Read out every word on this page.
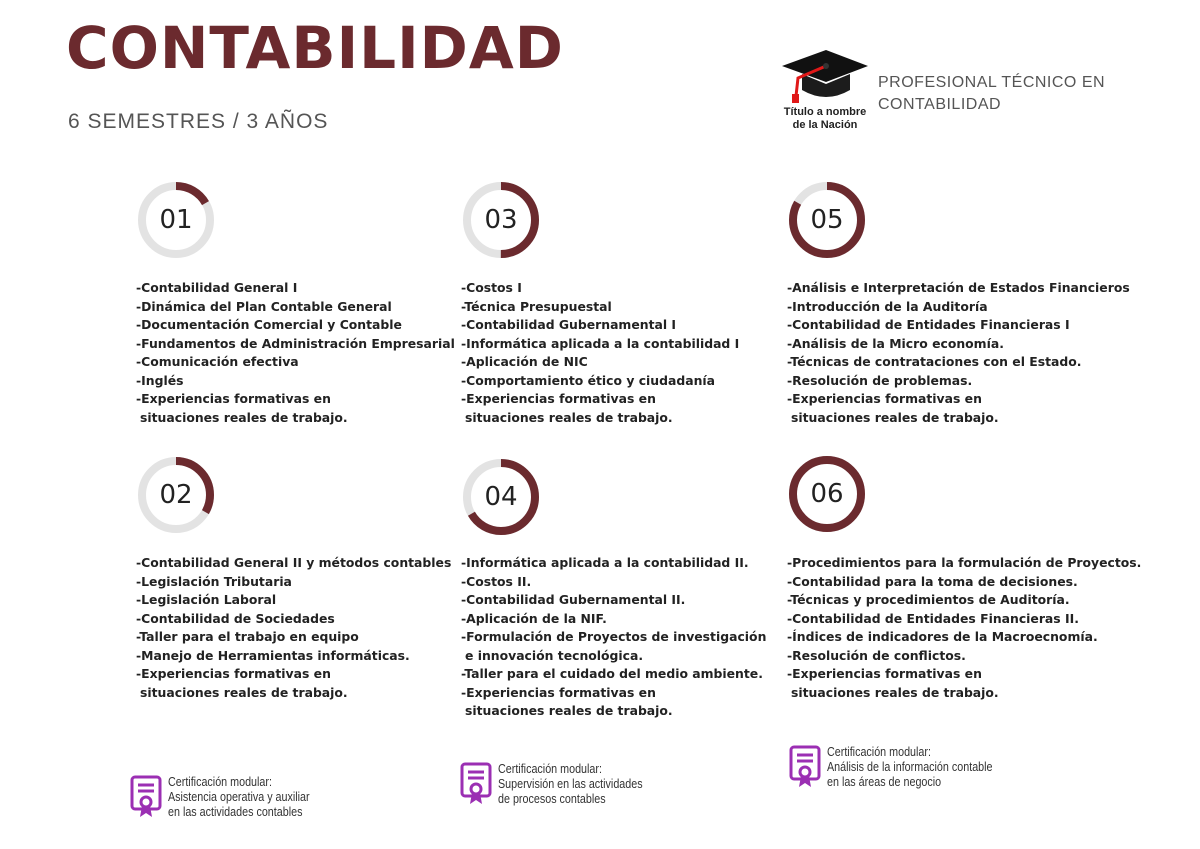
CONTABILIDAD
6 SEMESTRES / 3 AÑOS	Título a nombre
de la Nación
PROFESIONAL TÉCNICO EN
CONTABILIDAD
01
02
03
04
05
06
-Contabilidad General I
-Dinámica del Plan Contable General
-Documentación Comercial y Contable
-Fundamentos de Administración Empresarial
-Comunicación efectiva
-Inglés
-Experiencias formativas en
situaciones reales de trabajo.
-Contabilidad General II y métodos contables
-Legislación Tributaria
-Legislación Laboral
-Contabilidad de Sociedades
-Taller para el trabajo en equipo
-Manejo de Herramientas informáticas.
-Experiencias formativas en
situaciones reales de trabajo.
-Costos I
-Técnica Presupuestal
-Contabilidad Gubernamental I
-Informática aplicada a la contabilidad I
-Aplicación de NIC
-Comportamiento ético y ciudadanía
-Experiencias formativas en
situaciones reales de trabajo.
-Informática aplicada a la contabilidad II.
-Costos II.
-Contabilidad Gubernamental II.
-Aplicación de la NIF.
-Formulación de Proyectos de investigación
e innovación tecnológica.
-Taller para el cuidado del medio ambiente.
-Experiencias formativas en
situaciones reales de trabajo.
-Análisis e Interpretación de Estados Financieros
-Introducción de la Auditoría
-Contabilidad de Entidades Financieras I
-Análisis de la Micro economía.
-Técnicas de contrataciones con el Estado.
-Resolución de problemas.
-Experiencias formativas en
situaciones reales de trabajo.
-Procedimientos para la formulación de Proyectos.
-Contabilidad para la toma de decisiones.
-Técnicas y procedimientos de Auditoría.
-Contabilidad de Entidades Financieras II.
-Índices de indicadores de la Macroecnomía.
-Resolución de conflictos.
-Experiencias formativas en
situaciones reales de trabajo.
Certificación modular:
Asistencia operativa y auxiliar
en las actividades contables
Certificación modular:
Supervisión en las actividades
de procesos contables
Certificación modular:
Análisis de la información contable
en las áreas de negocio
